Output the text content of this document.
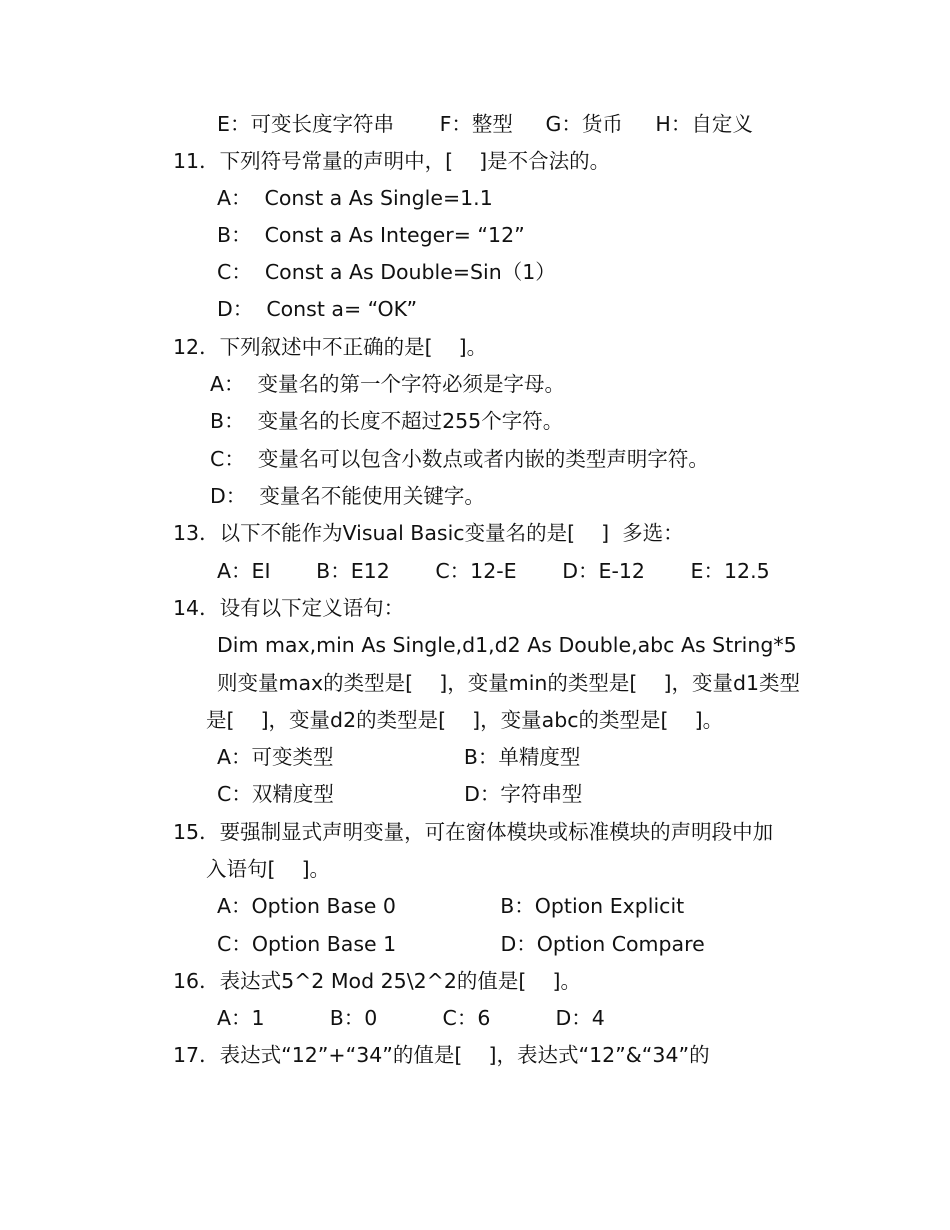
E：可变长度字符串       F：整型     G：货币     H：自定义
11．下列符号常量的声明中，[    ]是不合法的。
A：  Const a As Single=1.1
B：  Const a As Integer= “12”
C：  Const a As Double=Sin（1）
D：  Const a= “OK”
12．下列叙述中不正确的是[    ]。
A：  变量名的第一个字符必须是字母。
B：  变量名的长度不超过255个字符。
C：  变量名可以包含小数点或者内嵌的类型声明字符。
D：  变量名不能使用关键字。
13．以下不能作为Visual Basic变量名的是[    ]  多选：
A：EI       B：E12       C：12-E       D：E-12       E：12.5
14．设有以下定义语句：
Dim max,min As Single,d1,d2 As Double,abc As String*5
则变量max的类型是[    ]，变量min的类型是[    ]，变量d1类型
是[    ]，变量d2的类型是[    ]，变量abc的类型是[    ]。
A：可变类型                    B：单精度型
C：双精度型                    D：字符串型
15．要强制显式声明变量，可在窗体模块或标准模块的声明段中加
入语句[    ]。
A：Option Base 0                B：Option Explicit
C：Option Base 1                D：Option Compare
16．表达式5^2 Mod 25\2^2的值是[    ]。
A：1          B：0          C：6          D：4
17．表达式“12”+“34”的值是[    ]，表达式“12”&“34”的
